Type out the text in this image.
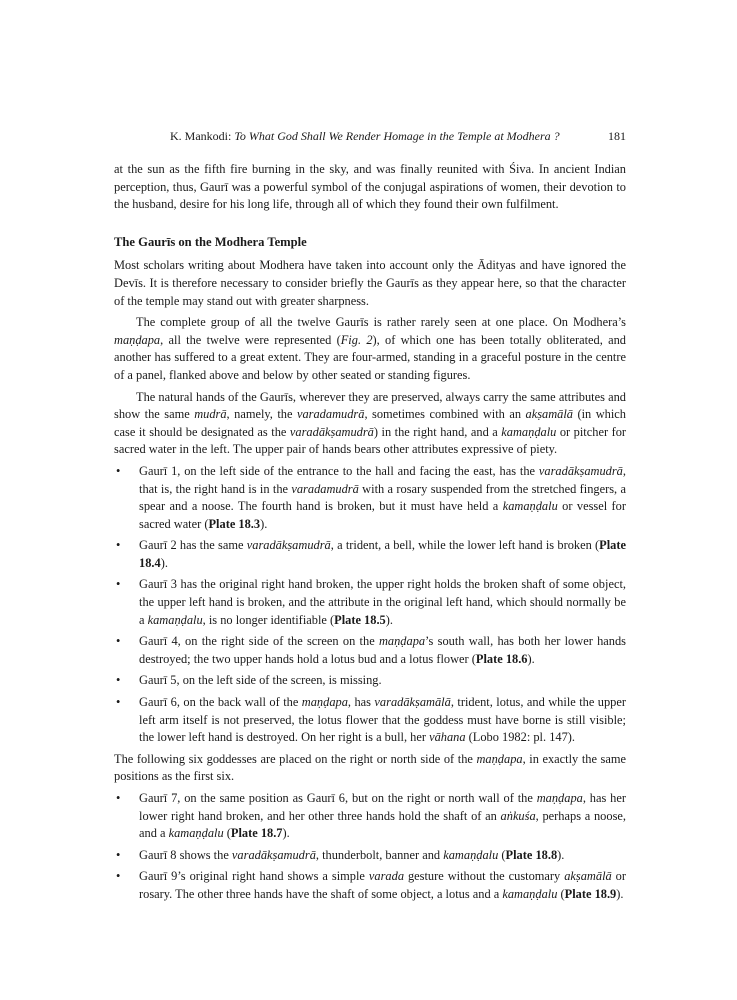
K. Mankodi: To What God Shall We Render Homage in the Temple at Modhera ?	181

at the sun as the fifth fire burning in the sky, and was finally reunited with Śiva. In ancient Indian perception, thus, Gaurī was a powerful symbol of the conjugal aspirations of women, their devotion to the husband, desire for his long life, through all of which they found their own fulfilment.

The Gaurīs on the Modhera Temple

Most scholars writing about Modhera have taken into account only the Ādityas and have ignored the Devīs. It is therefore necessary to consider briefly the Gaurīs as they appear here, so that the character of the temple may stand out with greater sharpness.

The complete group of all the twelve Gaurīs is rather rarely seen at one place. On Modhera’s maṇḍapa, all the twelve were represented (Fig. 2), of which one has been totally obliterated, and another has suffered to a great extent. They are four-armed, standing in a graceful posture in the centre of a panel, flanked above and below by other seated or standing figures.

The natural hands of the Gaurīs, wherever they are preserved, always carry the same attributes and show the same mudrā, namely, the varadamudrā, sometimes combined with an akṣamālā (in which case it should be designated as the varadākṣamudrā) in the right hand, and a kamaṇḍalu or pitcher for sacred water in the left. The upper pair of hands bears other attributes expressive of piety.

• Gaurī 1, on the left side of the entrance to the hall and facing the east, has the varadākṣamudrā, that is, the right hand is in the varadamudrā with a rosary suspended from the stretched fingers, a spear and a noose. The fourth hand is broken, but it must have held a kamaṇḍalu or vessel for sacred water (Plate 18.3).
• Gaurī 2 has the same varadākṣamudrā, a trident, a bell, while the lower left hand is broken (Plate 18.4).
• Gaurī 3 has the original right hand broken, the upper right holds the broken shaft of some object, the upper left hand is broken, and the attribute in the original left hand, which should normally be a kamaṇḍalu, is no longer identifiable (Plate 18.5).
• Gaurī 4, on the right side of the screen on the maṇḍapa’s south wall, has both her lower hands destroyed; the two upper hands hold a lotus bud and a lotus flower (Plate 18.6).
• Gaurī 5, on the left side of the screen, is missing.
• Gaurī 6, on the back wall of the maṇḍapa, has varadākṣamālā, trident, lotus, and while the upper left arm itself is not preserved, the lotus flower that the goddess must have borne is still visible; the lower left hand is destroyed. On her right is a bull, her vāhana (Lobo 1982: pl. 147).

The following six goddesses are placed on the right or north side of the maṇḍapa, in exactly the same positions as the first six.

• Gaurī 7, on the same position as Gaurī 6, but on the right or north wall of the maṇḍapa, has her lower right hand broken, and her other three hands hold the shaft of an aṅkuśa, perhaps a noose, and a kamaṇḍalu (Plate 18.7).
• Gaurī 8 shows the varadākṣamudrā, thunderbolt, banner and kamaṇḍalu (Plate 18.8).
• Gaurī 9’s original right hand shows a simple varada gesture without the customary akṣamālā or rosary. The other three hands have the shaft of some object, a lotus and a kamaṇḍalu (Plate 18.9).
